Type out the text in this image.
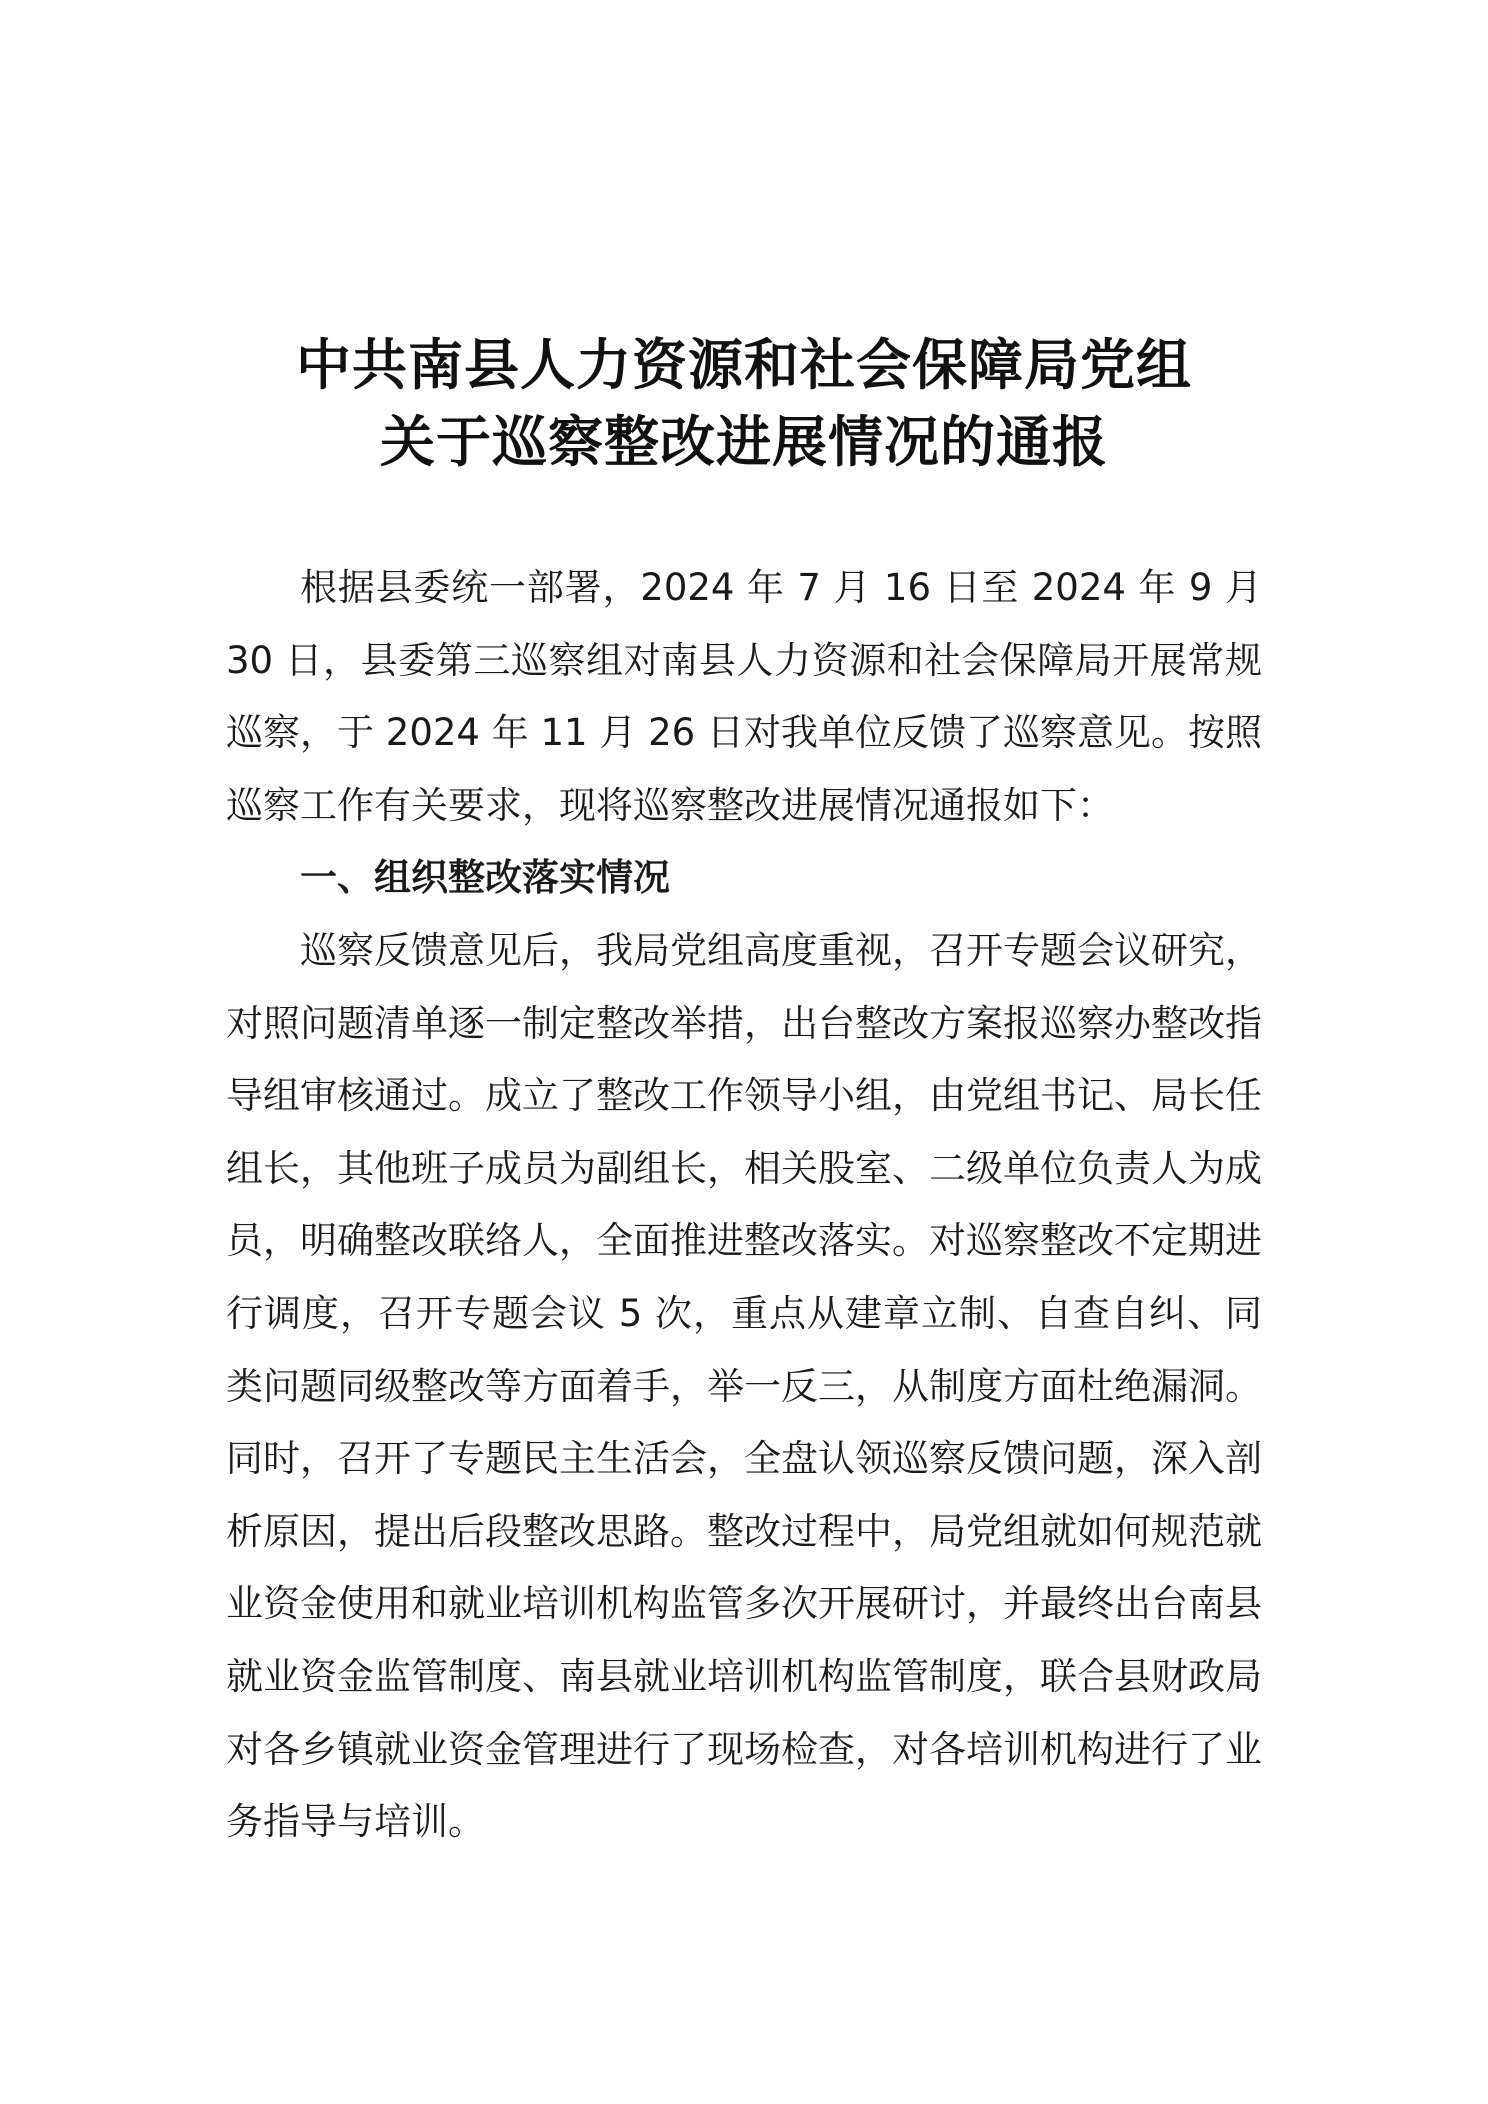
中共南县人力资源和社会保障局党组
关于巡察整改进展情况的通报

根据县委统一部署，2024 年 7 月 16 日至 2024 年 9 月 30 日，县委第三巡察组对南县人力资源和社会保障局开展常规巡察，于 2024 年 11 月 26 日对我单位反馈了巡察意见。按照巡察工作有关要求，现将巡察整改进展情况通报如下：

一、组织整改落实情况

巡察反馈意见后，我局党组高度重视，召开专题会议研究，对照问题清单逐一制定整改举措，出台整改方案报巡察办整改指导组审核通过。成立了整改工作领导小组，由党组书记、局长任组长，其他班子成员为副组长，相关股室、二级单位负责人为成员，明确整改联络人，全面推进整改落实。对巡察整改不定期进行调度，召开专题会议 5 次，重点从建章立制、自查自纠、同类问题同级整改等方面着手，举一反三，从制度方面杜绝漏洞。同时，召开了专题民主生活会，全盘认领巡察反馈问题，深入剖析原因，提出后段整改思路。整改过程中，局党组就如何规范就业资金使用和就业培训机构监管多次开展研讨，并最终出台南县就业资金监管制度、南县就业培训机构监管制度，联合县财政局对各乡镇就业资金管理进行了现场检查，对各培训机构进行了业务指导与培训。
